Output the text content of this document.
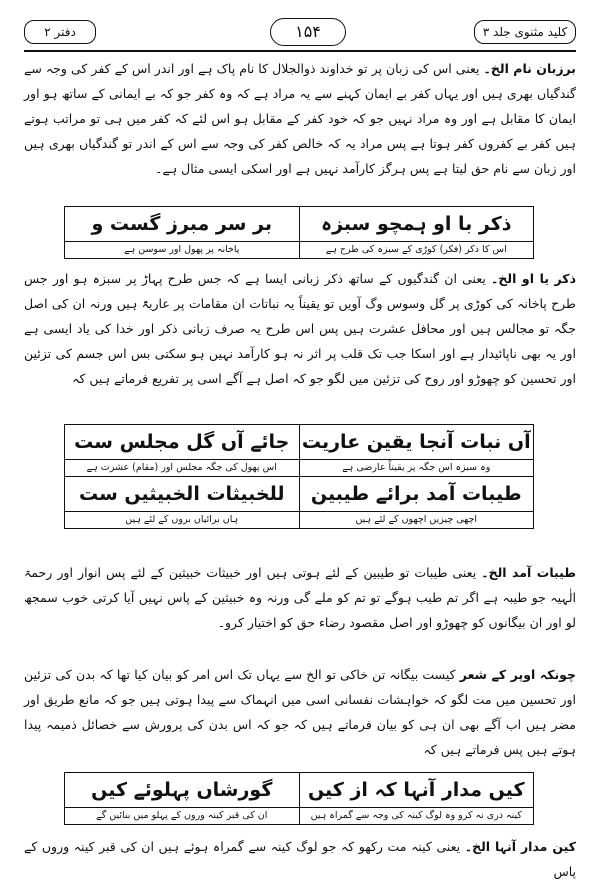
کلید مثنوی جلد ۳
۱۵۴
دفتر ۲

برزبان نام الخ۔ یعنی اس کی زبان پر تو خداوند ذوالجلال کا نام پاک ہے اور اندر اس کے کفر کی وجہ سے گندگیاں بھری ہیں اور یہاں کفر بے ایمان کہنے سے یہ مراد ہے کہ وہ کفر جو کہ بے ایمانی کے ساتھ ہو اور ایمان کا مقابل ہے اور وہ مراد نہیں جو کہ خود کفر کے مقابل ہو اس لئے کہ کفر میں ہی تو مراتب ہوتے ہیں کفر بے کفروں کفر ہوتا ہے پس مراد یہ کہ خالص کفر کی وجہ سے اس کے اندر تو گندگیاں بھری ہیں اور زبان سے نام حق لیتا ہے پس ہرگز کارآمد نہیں ہے اور اسکی ایسی مثال ہے۔

ذکر با او ہمچو سبزہ
اس کا ذکر (فکر) کوڑی کے سبزہ کی طرح ہے
بر سر مبرز گست و
پاخانہ پر پھول اور سوسن ہے

ذکر یا او الخ۔ یعنی ان گندگیوں کے ساتھ ذکر زبانی ایسا ہے کہ جس طرح پہاڑ پر سبزہ ہو اور جس طرح پاخانہ کی کوڑی پر گل وسوس وگ آویں تو یقیناً یہ نباتات ان مقامات پر عاریۃً ہیں ورنہ ان کی اصل جگہ تو مجالس ہیں اور محافل عشرت ہیں پس اس طرح یہ صرف زبانی ذکر اور خدا کی یاد ایسی ہے اور یہ بھی ناپائیدار ہے اور اسکا جب تک قلب پر اثر نہ ہو کارآمد نہیں ہو سکتی بس اس جسم کی تزئین اور تحسین کو چھوڑو اور روح کی تزئین میں لگو جو کہ اصل ہے آگے اسی پر تفریع فرماتے ہیں کہ

آں نبات آنجا یقین عاریت
وہ سبزہ اس جگہ پر یقیناً عارضی ہے
جائے آں گل مجلس ست
اس پھول کی جگہ مجلس اور (مقام) عشرت ہے
طیبات آمد برائے طیبین
اچھی چیزیں اچھوں کے لئے ہیں
للخبیثات الخبیثیں ست
ہاں برائیاں بروں کے لئے ہیں

طیبات آمد الخ۔ یعنی طیبات تو طیبین کے لئے ہوتی ہیں اور خبیثات خبیثین کے لئے پس انوار اور رحمۃ الٰہیہ جو طیبہ ہے اگر تم طیب ہوگے تو تم کو ملے گی ورنہ وہ خبیثین کے پاس نہیں آیا کرتی خوب سمجھ لو اور ان بیگانوں کو چھوڑو اور اصل مقصود رضاء حق کو اختیار کرو۔

چونکہ اوپر کے شعر کیست بیگانہ تن خاکی تو الخ سے یہاں تک اس امر کو بیان کیا تھا کہ بدن کی تزئین اور تحسین میں مت لگو کہ خواہشات نفسانی اسی میں انہماک سے پیدا ہوتی ہیں جو کہ مانع طریق اور مضر ہیں اب آگے بھی ان ہی کو بیان فرماتے ہیں کہ جو کہ اس بدن کی پرورش سے خصائل ذمیمہ پیدا ہوتے ہیں پس فرماتے ہیں کہ

کیں مدار آنہا کہ از کیں
کینہ دری نہ کرو وہ لوگ کینہ کی وجہ سے گمراہ ہیں
گورشاں پہلوئے کیں
ان کی قبر کینہ وروں کے پہلو میں بنائیں گے

کین مدار آنہا الخ۔ یعنی کینہ مت رکھو کہ جو لوگ کینہ سے گمراہ ہوئے ہیں ان کی قبر کینہ وروں کے پاس
